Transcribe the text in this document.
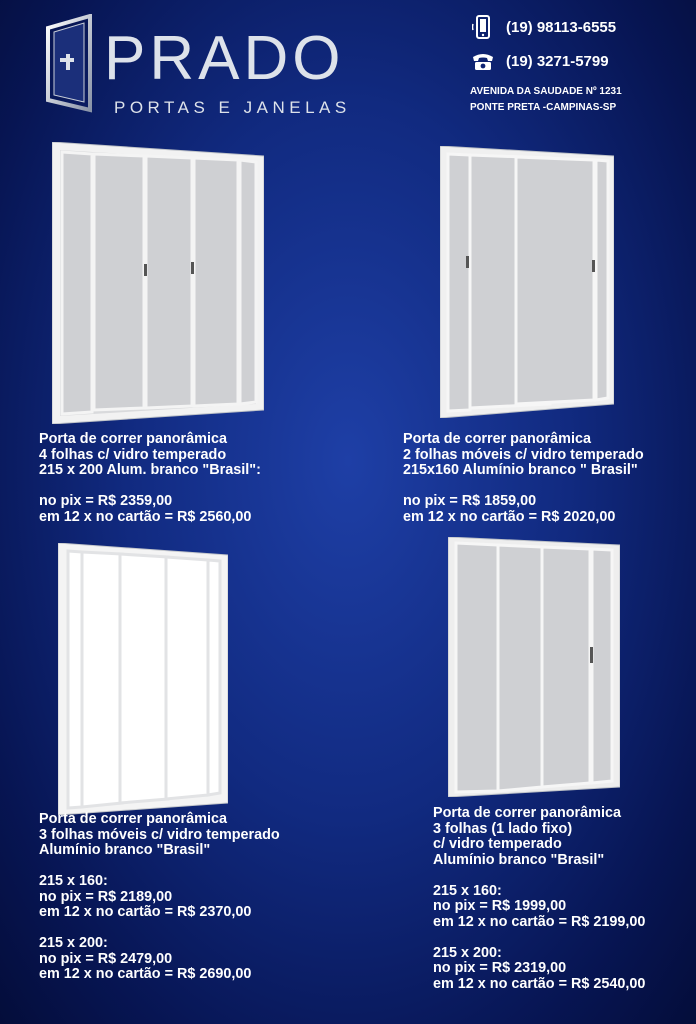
PRADO
PORTAS E JANELAS
(19) 98113-6555
(19) 3271-5799
AVENIDA DA SAUDADE Nº 1231
PONTE PRETA -CAMPINAS-SP
Porta de correr panorâmica
4 folhas c/ vidro temperado
215 x 200 Alum. branco "Brasil":
no pix = R$ 2359,00
em 12 x no cartão = R$ 2560,00
Porta de correr panorâmica
2 folhas móveis c/ vidro temperado
215x160 Alumínio branco " Brasil"
no pix = R$ 1859,00
em 12 x no cartão = R$ 2020,00
Porta de correr panorâmica
3 folhas móveis c/ vidro temperado
Alumínio branco "Brasil"
215 x 160:
no pix = R$ 2189,00
em 12 x no cartão = R$ 2370,00
215 x 200:
no pix = R$ 2479,00
em 12 x no cartão = R$ 2690,00
Porta de correr panorâmica
3 folhas (1 lado fixo)
c/ vidro temperado
Alumínio branco "Brasil"
215 x 160:
no pix = R$ 1999,00
em 12 x no cartão = R$ 2199,00
215 x 200:
no pix = R$ 2319,00
em 12 x no cartão = R$ 2540,00
